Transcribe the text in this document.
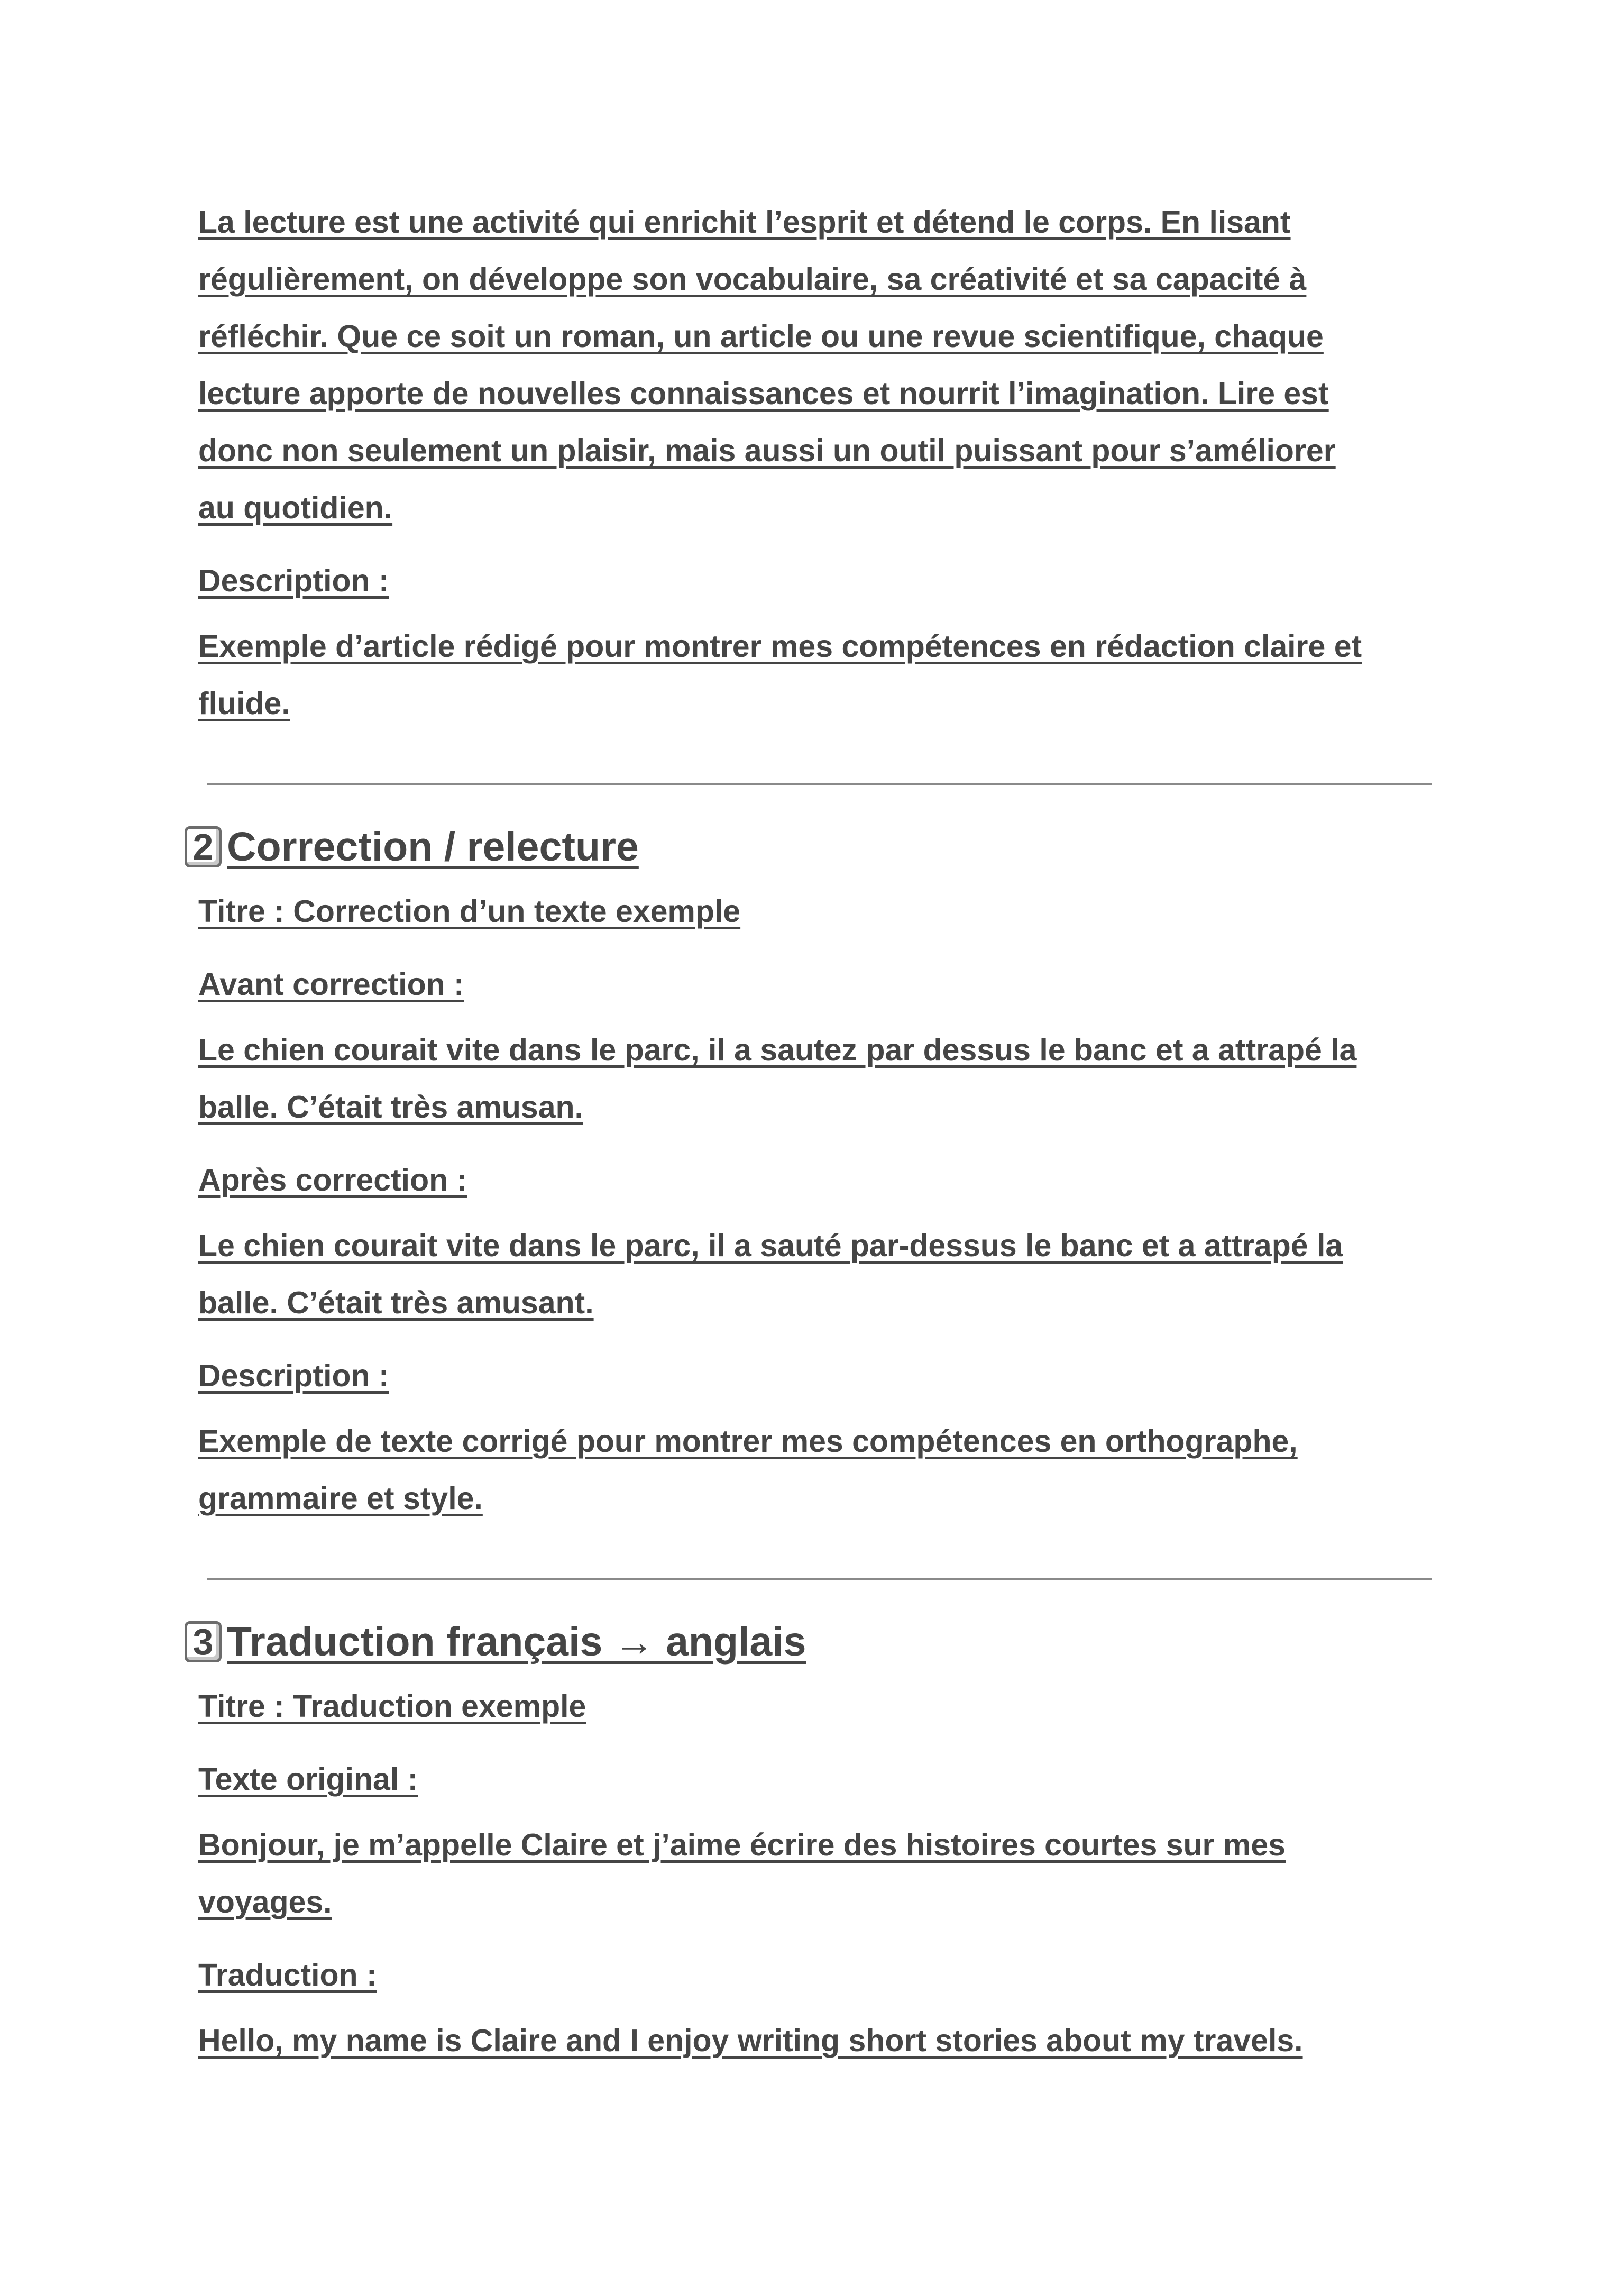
La lecture est une activité qui enrichit l’esprit et détend le corps. En lisant

régulièrement, on développe son vocabulaire, sa créativité et sa capacité à

réfléchir. Que ce soit un roman, un article ou une revue scientifique, chaque

lecture apporte de nouvelles connaissances et nourrit l’imagination. Lire est

donc non seulement un plaisir, mais aussi un outil puissant pour s’améliorer

au quotidien.

Description :

Exemple d’article rédigé pour montrer mes compétences en rédaction claire et

fluide.

2 Correction / relecture

Titre : Correction d’un texte exemple

Avant correction :

Le chien courait vite dans le parc, il a sautez par dessus le banc et a attrapé la

balle. C’était très amusan.

Après correction :

Le chien courait vite dans le parc, il a sauté par-dessus le banc et a attrapé la

balle. C’était très amusant.

Description :

Exemple de texte corrigé pour montrer mes compétences en orthographe,

grammaire et style.

3 Traduction français → anglais

Titre : Traduction exemple

Texte original :

Bonjour, je m’appelle Claire et j’aime écrire des histoires courtes sur mes

voyages.

Traduction :

Hello, my name is Claire and I enjoy writing short stories about my travels.
